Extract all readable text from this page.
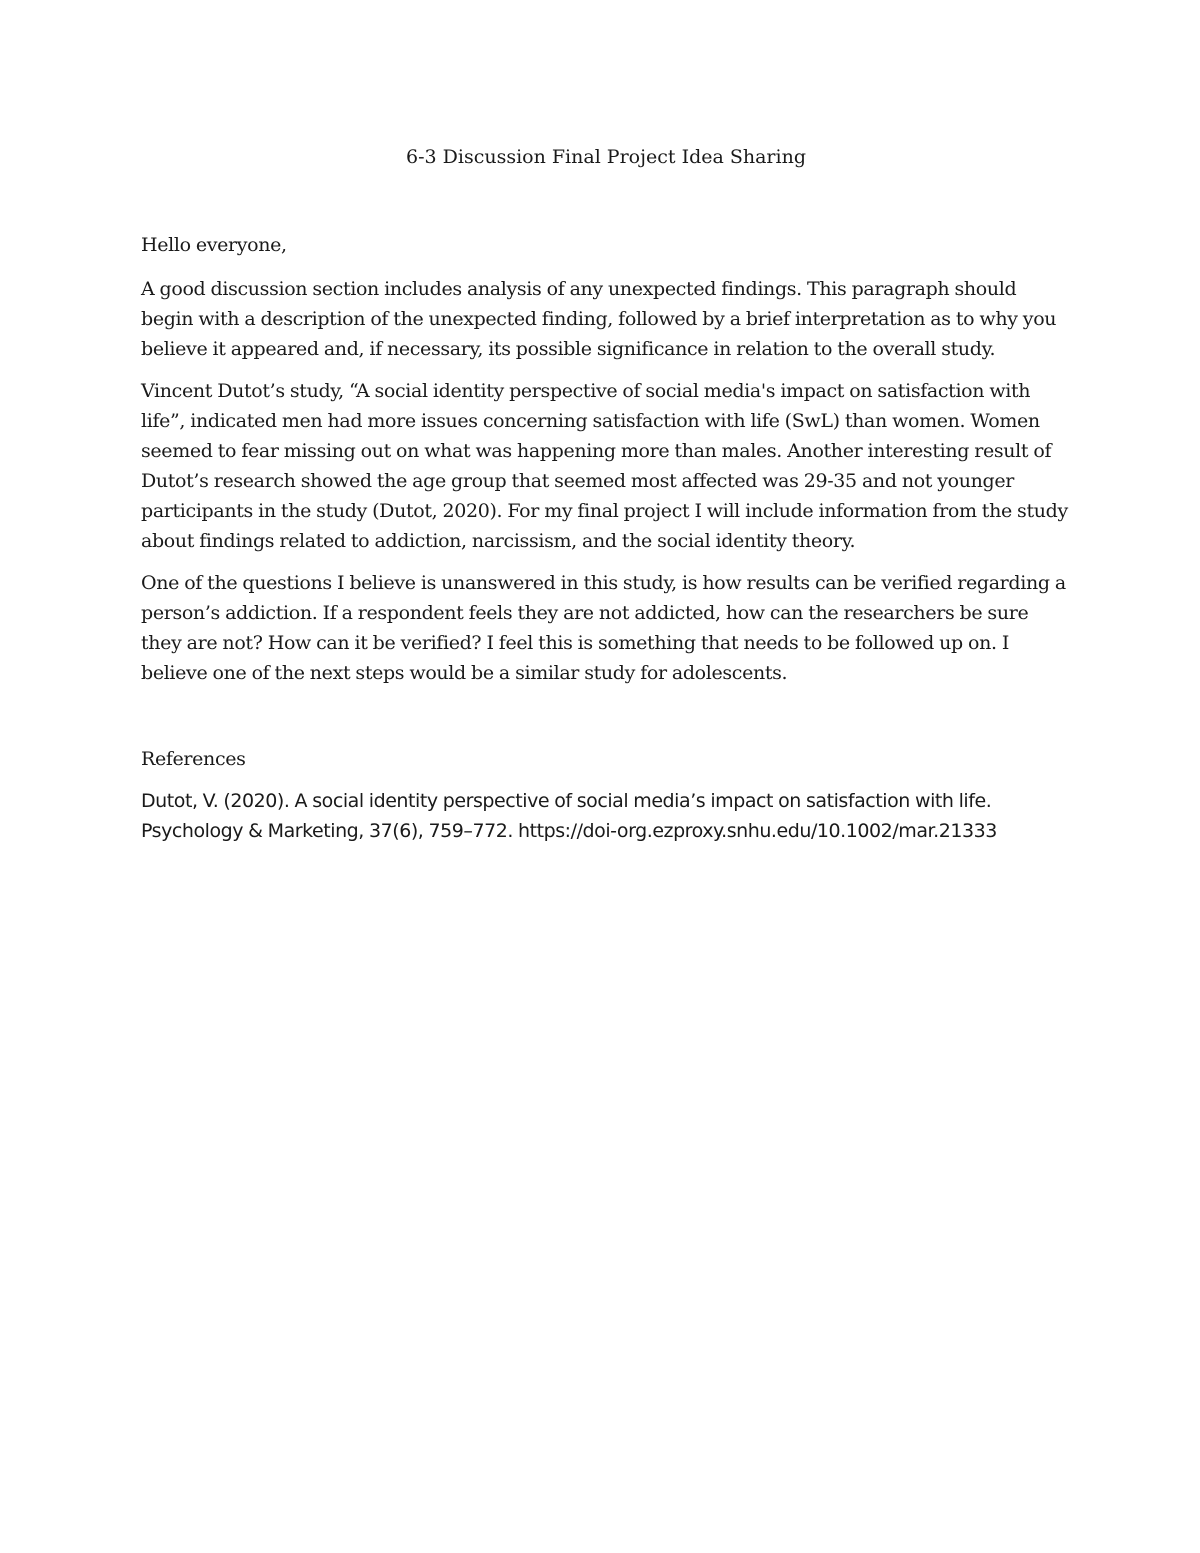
6-3 Discussion Final Project Idea Sharing

Hello everyone,

A good discussion section includes analysis of any unexpected findings. This paragraph should begin with a description of the unexpected finding, followed by a brief interpretation as to why you believe it appeared and, if necessary, its possible significance in relation to the overall study.

Vincent Dutot’s study, “A social identity perspective of social media's impact on satisfaction with life”, indicated men had more issues concerning satisfaction with life (SwL) than women. Women seemed to fear missing out on what was happening more than males. Another interesting result of Dutot’s research showed the age group that seemed most affected was 29-35 and not younger participants in the study (Dutot, 2020). For my final project I will include information from the study about findings related to addiction, narcissism, and the social identity theory.

One of the questions I believe is unanswered in this study, is how results can be verified regarding a person’s addiction. If a respondent feels they are not addicted, how can the researchers be sure they are not? How can it be verified? I feel this is something that needs to be followed up on. I believe one of the next steps would be a similar study for adolescents.

References

Dutot, V. (2020). A social identity perspective of social media’s impact on satisfaction with life.
Psychology & Marketing, 37(6), 759–772. https://doi-org.ezproxy.snhu.edu/10.1002/mar.21333
